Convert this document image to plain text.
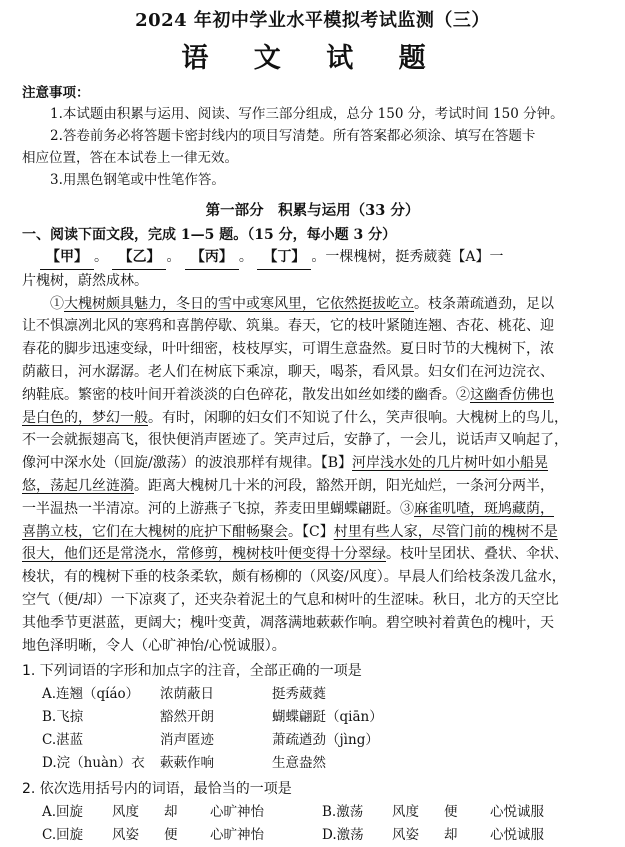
2024 年初中学业水平模拟考试监测（三）
语 文 试 题
注意事项：

1.本试题由积累与运用、阅读、写作三部分组成，总分 150 分，考试时间 150 分钟。

2.答卷前务必将答题卡密封线内的项目写清楚。所有答案都必须涂、填写在答题卡

相应位置，答在本试卷上一律无效。

3.用黑色钢笔或中性笔作答。

第一部分　积累与运用（33 分）
一、阅读下面文段，完成 1—5 题。（15 分，每小题 3 分）

【甲】 。 【乙】 。 【丙】 。 【丁】 。一棵槐树，挺秀葳蕤【A】一

片槐树，蔚然成林。

①大槐树颇具魅力，冬日的雪中或寒风里，它依然挺拔屹立。枝条萧疏遒劲，足以

让不惧凛冽北风的寒鸦和喜鹊停歇、筑巢。春天，它的枝叶紧随连翘、杏花、桃花、迎

春花的脚步迅速变绿，叶叶细密，枝枝厚实，可谓生意盎然。夏日时节的大槐树下，浓

荫蔽日，河水潺潺。老人们在树底下乘凉，聊天，喝茶，看风景。妇女们在河边浣衣、

纳鞋底。繁密的枝叶间开着淡淡的白色碎花，散发出如丝如缕的幽香。②这幽香仿佛也

是白色的，梦幻一般。有时，闲聊的妇女们不知说了什么，笑声很响。大槐树上的鸟儿，

不一会就振翅高飞，很快便消声匿迹了。笑声过后，安静了，一会儿，说话声又响起了，

像河中深水处（回旋/激荡）的波浪那样有规律。【B】河岸浅水处的几片树叶如小船晃

悠，荡起几丝涟漪。距离大槐树几十米的河段，豁然开朗，阳光灿烂，一条河分两半，

一半温热一半清凉。河的上游燕子飞掠，荞麦田里蝴蝶翩跹。③麻雀叽喳，斑鸠藏荫，

喜鹊立枝，它们在大槐树的庇护下酣畅聚会。【C】村里有些人家，尽管门前的槐树不是

很大，他们还是常浇水，常修剪，槐树枝叶便变得十分翠绿。枝叶呈团状、叠状、伞状、

梭状，有的槐树下垂的枝条柔软，颇有杨柳的（风姿/风度）。早晨人们给枝条泼几盆水，

空气（便/却）一下凉爽了，还夹杂着泥土的气息和树叶的生涩味。秋日，北方的天空比

其他季节更湛蓝，更阔大；槐叶变黄，凋落满地蔌蔌作响。碧空映衬着黄色的槐叶，天

地色泽明晰，令人（心旷神怡/心悦诚服）。

1. 下列词语的字形和加点字的注音，全部正确的一项是

A.连翘（qíáo）	浓荫蔽日	挺秀葳蕤
B.飞掠	豁然开朗	蝴蝶翩跹（qiān）
C.湛蓝	消声匿迹	萧疏遒劲（jìng）
D.浣（huàn）衣	蔌蔌作响	生意盎然

2. 依次选用括号内的词语，最恰当的一项是

A.回旋	风度	却	心旷神怡	B.激荡	风度	便	心悦诚服
C.回旋	风姿	便	心旷神怡	D.激荡	风姿	却	心悦诚服
